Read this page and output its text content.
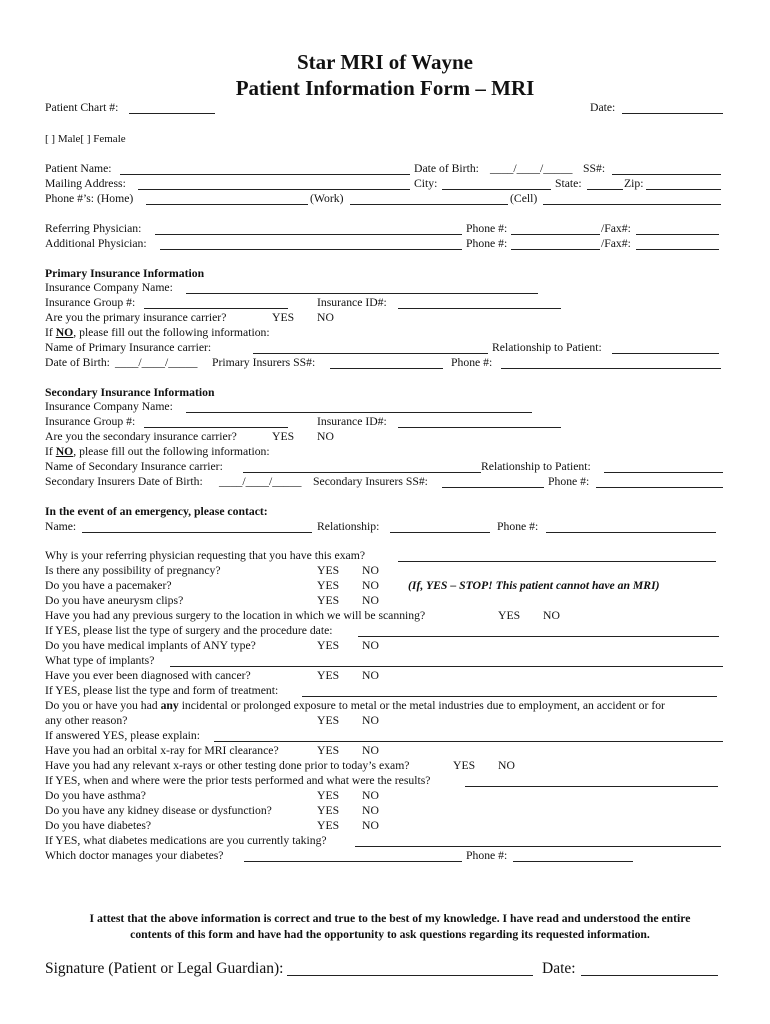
Star MRI of Wayne
Patient Information Form – MRI
Patient Chart #:	Date:
[ ] Male[ ] Female
Patient Name:	Date of Birth: ____/____/_____ SS#:
Mailing Address:	City:	State:	Zip:
Phone #’s: (Home)	(Work)	(Cell)
Referring Physician:	Phone #:	/Fax#:
Additional Physician:	Phone #:	/Fax#:
Primary Insurance Information
Insurance Company Name:
Insurance Group #:	Insurance ID#:
Are you the primary insurance carrier?	YES NO
If NO, please fill out the following information:
Name of Primary Insurance carrier:	Relationship to Patient:
Date of Birth: ____/____/_____ Primary Insurers SS#:	Phone #:
Secondary Insurance Information
Insurance Company Name:
Insurance Group #:	Insurance ID#:
Are you the secondary insurance carrier?	YES NO
If NO, please fill out the following information:
Name of Secondary Insurance carrier:	Relationship to Patient:
Secondary Insurers Date of Birth: ____/____/_____ Secondary Insurers SS#:	Phone #:
In the event of an emergency, please contact:
Name:	Relationship:	Phone #:
Why is your referring physician requesting that you have this exam?
Is there any possibility of pregnancy?	YES NO
Do you have a pacemaker?	YES NO (If, YES – STOP! This patient cannot have an MRI)
Do you have aneurysm clips?	YES NO
Have you had any previous surgery to the location in which we will be scanning?	YES NO
If YES, please list the type of surgery and the procedure date:
Do you have medical implants of ANY type?	YES NO
What type of implants?
Have you ever been diagnosed with cancer?	YES NO
If YES, please list the type and form of treatment:
Do you or have you had any incidental or prolonged exposure to metal or the metal industries due to employment, an accident or for
any other reason?	YES NO
If answered YES, please explain:
Have you had an orbital x-ray for MRI clearance?	YES NO
Have you had any relevant x-rays or other testing done prior to today’s exam?	YES NO
If YES, when and where were the prior tests performed and what were the results?
Do you have asthma?	YES NO
Do you have any kidney disease or dysfunction?	YES NO
Do you have diabetes?	YES NO
If YES, what diabetes medications are you currently taking?
Which doctor manages your diabetes?	Phone #:
I attest that the above information is correct and true to the best of my knowledge. I have read and understood the entire
contents of this form and have had the opportunity to ask questions regarding its requested information.
Signature (Patient or Legal Guardian):	Date:
